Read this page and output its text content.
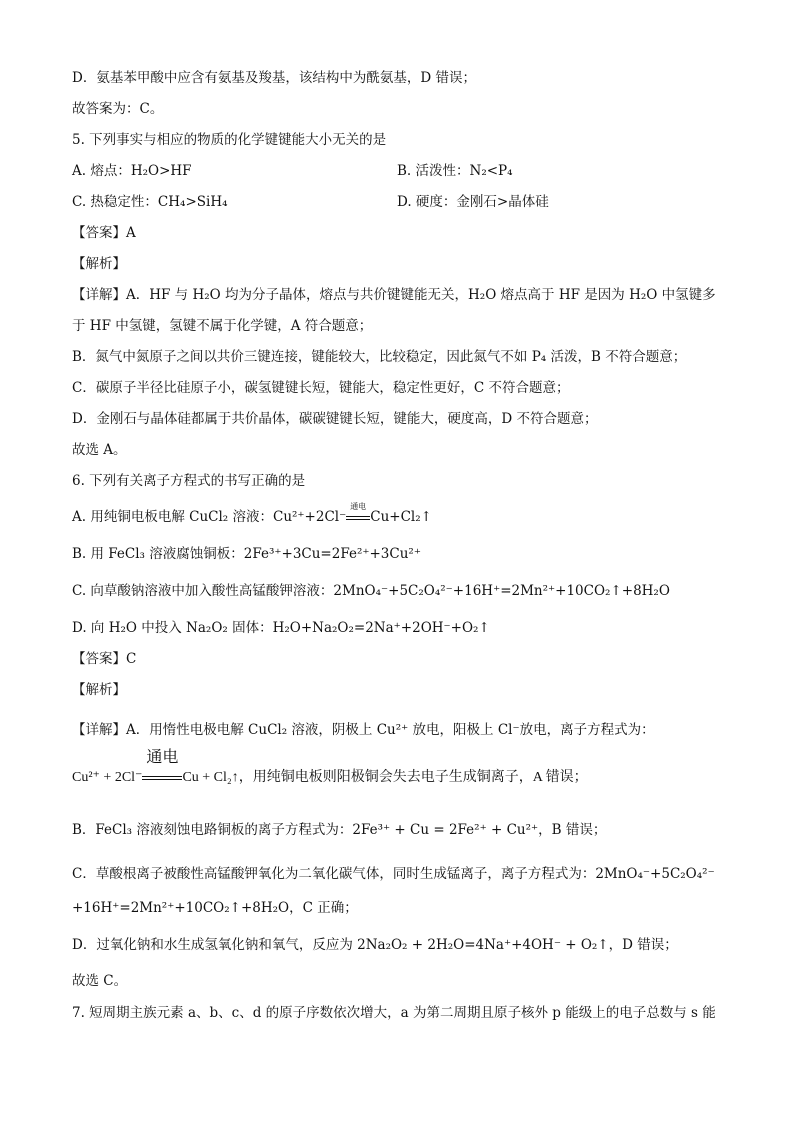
D．氨基苯甲酸中应含有氨基及羧基，该结构中为酰氨基，D 错误；
故答案为：C。
5. 下列事实与相应的物质的化学键键能大小无关的是
A. 熔点：H₂O>HF	B. 活泼性：N₂<P₄
C. 热稳定性：CH₄>SiH₄	D. 硬度：金刚石>晶体硅
【答案】A
【解析】
【详解】A．HF 与 H₂O 均为分子晶体，熔点与共价键键能无关，H₂O 熔点高于 HF 是因为 H₂O 中氢键多
于 HF 中氢键，氢键不属于化学键，A 符合题意；
B．氮气中氮原子之间以共价三键连接，键能较大，比较稳定，因此氮气不如 P₄ 活泼，B 不符合题意；
C．碳原子半径比硅原子小，碳氢键键长短，键能大，稳定性更好，C 不符合题意；
D．金刚石与晶体硅都属于共价晶体，碳碳键键长短，键能大，硬度高，D 不符合题意；
故选 A。
6. 下列有关离子方程式的书写正确的是
A. 用纯铜电板电解 CuCl₂ 溶液：Cu²⁺+2Cl⁻
通电
Cu+Cl₂↑
B. 用 FeCl₃ 溶液腐蚀铜板：2Fe³⁺+3Cu=2Fe²⁺+3Cu²⁺
C. 向草酸钠溶液中加入酸性高锰酸钾溶液：2MnO₄⁻+5C₂O₄²⁻+16H⁺=2Mn²⁺+10CO₂↑+8H₂O
D. 向 H₂O 中投入 Na₂O₂ 固体：H₂O+Na₂O₂=2Na⁺+2OH⁻+O₂↑
【答案】C
【解析】
【详解】A．用惰性电极电解 CuCl₂ 溶液，阴极上 Cu²⁺ 放电，阳极上 Cl⁻放电，离子方程式为：
Cu²⁺ + 2Cl⁻
通电
Cu + Cl₂↑，用纯铜电板则阳极铜会失去电子生成铜离子，A 错误；
B．FeCl₃ 溶液刻蚀电路铜板的离子方程式为：2Fe³⁺ + Cu = 2Fe²⁺ + Cu²⁺，B 错误；
C．草酸根离子被酸性高锰酸钾氧化为二氧化碳气体，同时生成锰离子，离子方程式为：2MnO₄⁻+5C₂O₄²⁻
+16H⁺=2Mn²⁺+10CO₂↑+8H₂O，C 正确；
D．过氧化钠和水生成氢氧化钠和氧气，反应为 2Na₂O₂ + 2H₂O=4Na⁺+4OH⁻ + O₂↑，D 错误；
故选 C。
7. 短周期主族元素 a、b、c、d 的原子序数依次增大，a 为第二周期且原子核外 p 能级上的电子总数与 s 能
